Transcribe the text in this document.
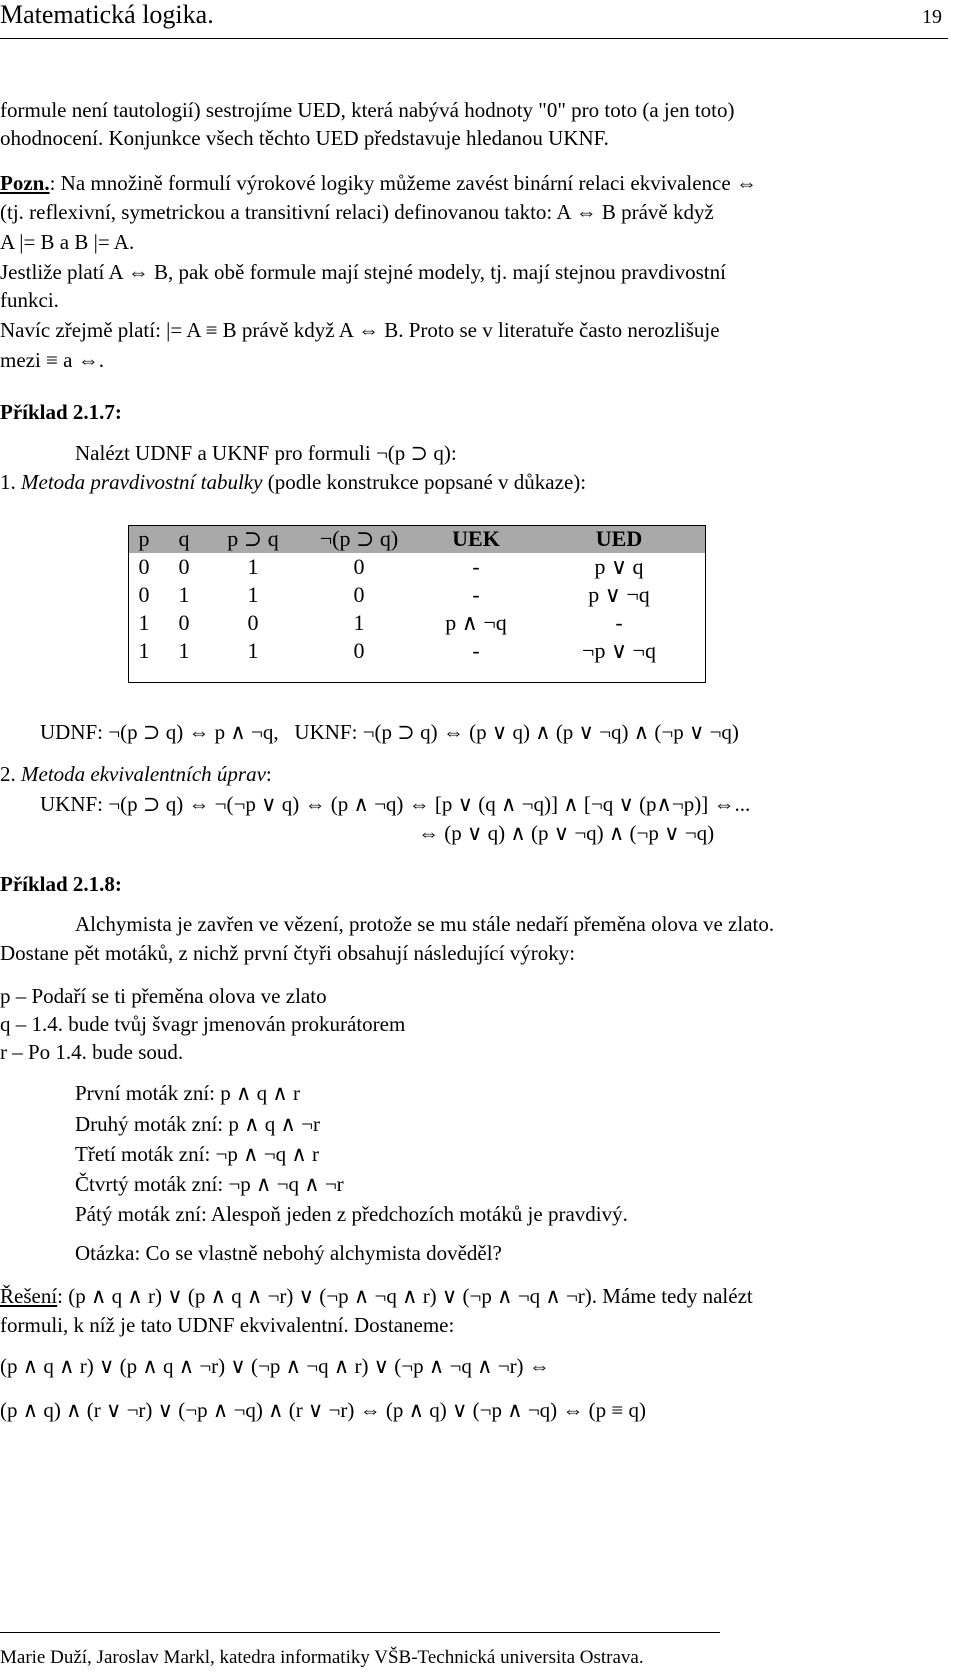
Matematická logika.	19
formule není tautologií) sestrojíme UED, která nabývá hodnoty "0" pro toto (a jen toto)
ohodnocení. Konjunkce všech těchto UED představuje hledanou UKNF.
Pozn.: Na množině formulí výrokové logiky můžeme zavést binární relaci ekvivalence ⇔
(tj. reflexivní, symetrickou a transitivní relaci) definovanou takto: A ⇔ B právě když
A |= B a B |= A.
Jestliže platí A ⇔ B, pak obě formule mají stejné modely, tj. mají stejnou pravdivostní
funkci.
Navíc zřejmě platí: |= A ≡ B právě když A ⇔ B. Proto se v literatuře často nerozlišuje
mezi ≡ a ⇔.
Příklad 2.1.7:
Nalézt UDNF a UKNF pro formuli ¬(p ⊃ q):
1. Metoda pravdivostní tabulky (podle konstrukce popsané v důkaze):
p	q	p ⊃ q	¬(p ⊃ q)	UEK	UED
0	0	1	0	-	p ∨ q
0	1	1	0	-	p ∨ ¬q
1	0	0	1	p ∧ ¬q	-
1	1	1	0	-	¬p ∨ ¬q
UDNF: ¬(p ⊃ q) ⇔ p ∧ ¬q,   UKNF: ¬(p ⊃ q) ⇔ (p ∨ q) ∧ (p ∨ ¬q) ∧ (¬p ∨ ¬q)
2. Metoda ekvivalentních úprav:
UKNF: ¬(p ⊃ q) ⇔ ¬(¬p ∨ q) ⇔ (p ∧ ¬q) ⇔ [p ∨ (q ∧ ¬q)] ∧ [¬q ∨ (p∧¬p)] ⇔...
⇔ (p ∨ q) ∧ (p ∨ ¬q) ∧ (¬p ∨ ¬q)
Příklad 2.1.8:
Alchymista je zavřen ve vězení, protože se mu stále nedaří přeměna olova ve zlato.
Dostane pět motáků, z nichž první čtyři obsahují následující výroky:
p – Podaří se ti přeměna olova ve zlato
q – 1.4. bude tvůj švagr jmenován prokurátorem
r – Po 1.4. bude soud.
První moták zní: p ∧ q ∧ r
Druhý moták zní: p ∧ q ∧ ¬r
Třetí moták zní: ¬p ∧ ¬q ∧ r
Čtvrtý moták zní: ¬p ∧ ¬q ∧ ¬r
Pátý moták zní: Alespoň jeden z předchozích motáků je pravdivý.
Otázka: Co se vlastně nebohý alchymista dověděl?
Řešení: (p ∧ q ∧ r) ∨ (p ∧ q ∧ ¬r) ∨ (¬p ∧ ¬q ∧ r) ∨ (¬p ∧ ¬q ∧ ¬r). Máme tedy nalézt
formuli, k níž je tato UDNF ekvivalentní. Dostaneme:
(p ∧ q ∧ r) ∨ (p ∧ q ∧ ¬r) ∨ (¬p ∧ ¬q ∧ r) ∨ (¬p ∧ ¬q ∧ ¬r) ⇔
(p ∧ q) ∧ (r ∨ ¬r) ∨ (¬p ∧ ¬q) ∧ (r ∨ ¬r) ⇔ (p ∧ q) ∨ (¬p ∧ ¬q) ⇔ (p ≡ q)
Marie Duží, Jaroslav Markl, katedra informatiky VŠB-Technická universita Ostrava.
